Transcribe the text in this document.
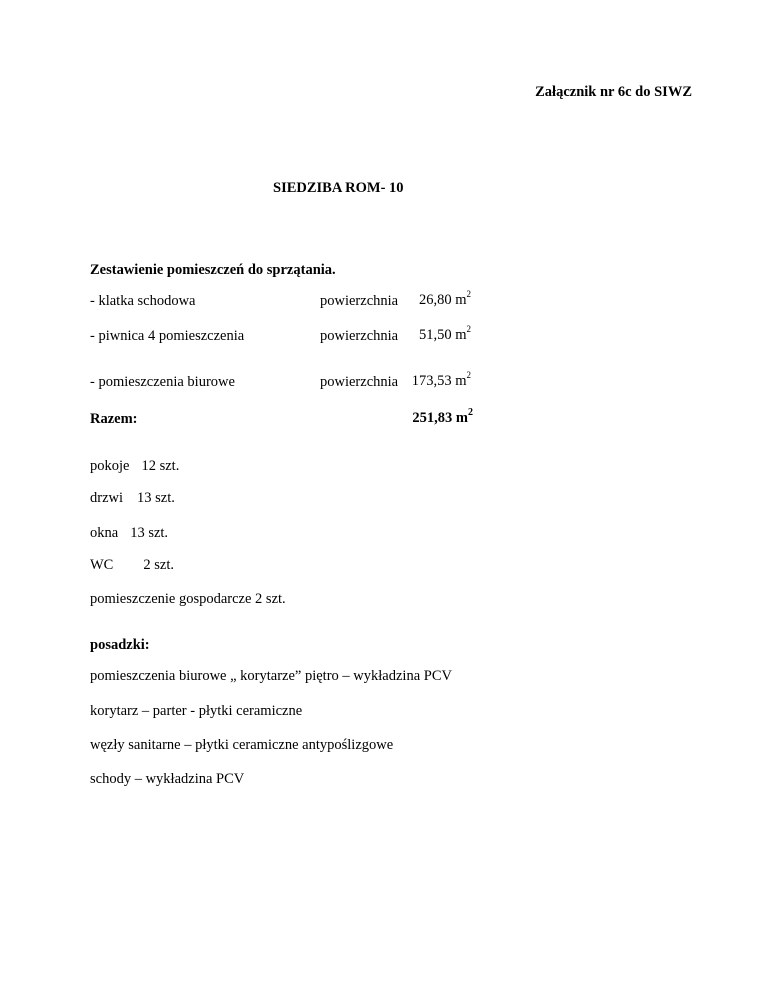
Załącznik nr 6c do SIWZ
SIEDZIBA ROM- 10
Zestawienie pomieszczeń do sprzątania.
- klatka schodowa	powierzchnia 26,80 $m^2$
- piwnica 4 pomieszczenia	powierzchnia 51,50 $m^2$
- pomieszczenia biurowe	powierzchnia 173,53 $m^2$
Razem:	251,83 $m^2$
pokoje 12 szt.
drzwi 13 szt.
okna 13 szt.
WC 2 szt.
pomieszczenie gospodarcze 2 szt.
posadzki:
pomieszczenia biurowe „ korytarze” piętro – wykładzina PCV
korytarz – parter - płytki ceramiczne
węzły sanitarne – płytki ceramiczne antypoślizgowe
schody – wykładzina PCV
